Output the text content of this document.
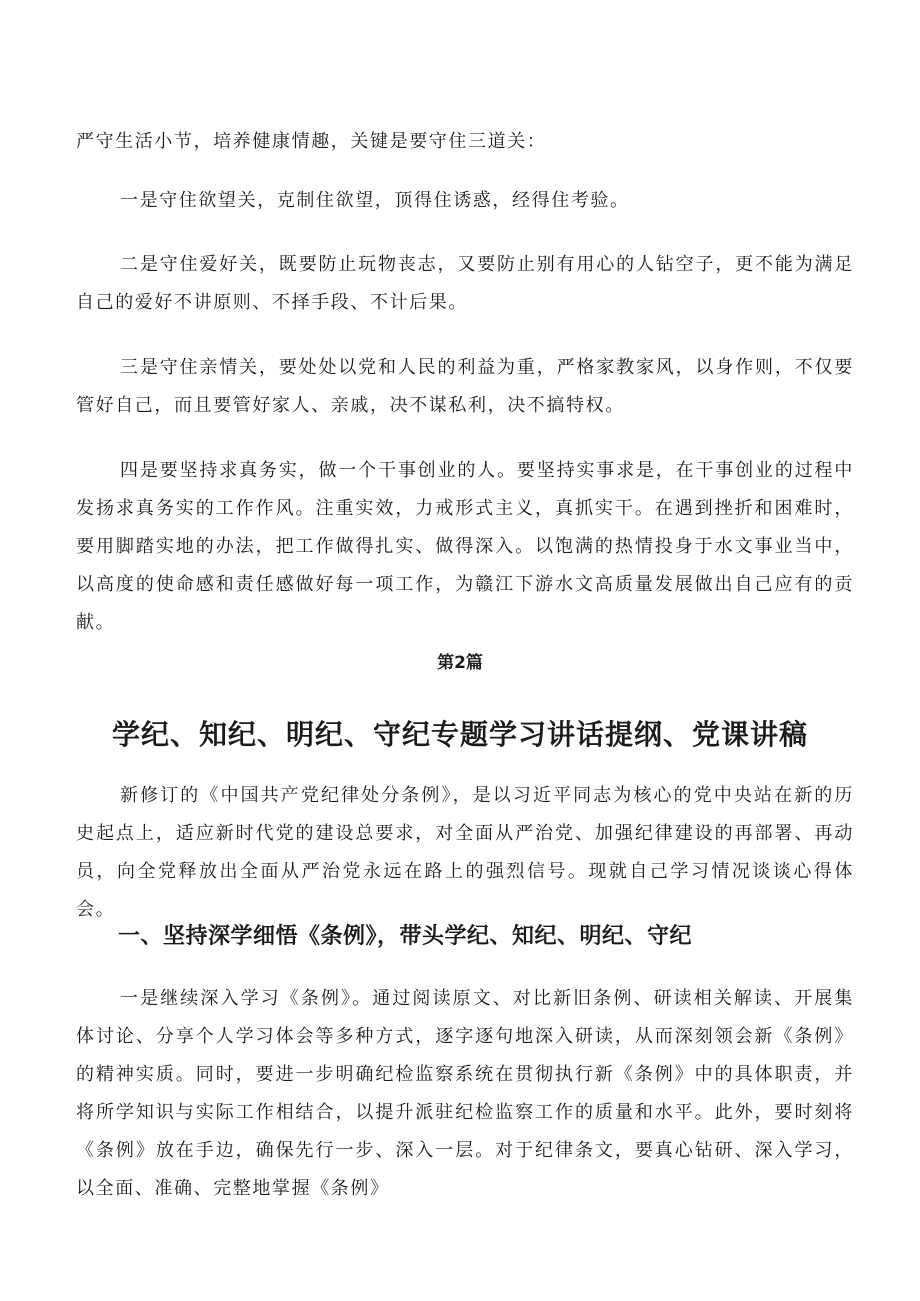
严守生活小节，培养健康情趣，关键是要守住三道关：

一是守住欲望关，克制住欲望，顶得住诱惑，经得住考验。

二是守住爱好关，既要防止玩物丧志，又要防止别有用心的人钻空子，更不能为满足自己的爱好不讲原则、不择手段、不计后果。

三是守住亲情关，要处处以党和人民的利益为重，严格家教家风，以身作则，不仅要管好自己，而且要管好家人、亲戚，决不谋私利，决不搞特权。

四是要坚持求真务实，做一个干事创业的人。要坚持实事求是，在干事创业的过程中发扬求真务实的工作作风。注重实效，力戒形式主义，真抓实干。在遇到挫折和困难时，要用脚踏实地的办法，把工作做得扎实、做得深入。以饱满的热情投身于水文事业当中，以高度的使命感和责任感做好每一项工作，为赣江下游水文高质量发展做出自己应有的贡献。

第2篇

学纪、知纪、明纪、守纪专题学习讲话提纲、党课讲稿

新修订的《中国共产党纪律处分条例》，是以习近平同志为核心的党中央站在新的历史起点上，适应新时代党的建设总要求，对全面从严治党、加强纪律建设的再部署、再动员，向全党释放出全面从严治党永远在路上的强烈信号。现就自己学习情况谈谈心得体会。

一、坚持深学细悟《条例》，带头学纪、知纪、明纪、守纪

一是继续深入学习《条例》。通过阅读原文、对比新旧条例、研读相关解读、开展集体讨论、分享个人学习体会等多种方式，逐字逐句地深入研读，从而深刻领会新《条例》的精神实质。同时，要进一步明确纪检监察系统在贯彻执行新《条例》中的具体职责，并将所学知识与实际工作相结合，以提升派驻纪检监察工作的质量和水平。此外，要时刻将《条例》放在手边，确保先行一步、深入一层。对于纪律条文，要真心钻研、深入学习，以全面、准确、完整地掌握《条例》
